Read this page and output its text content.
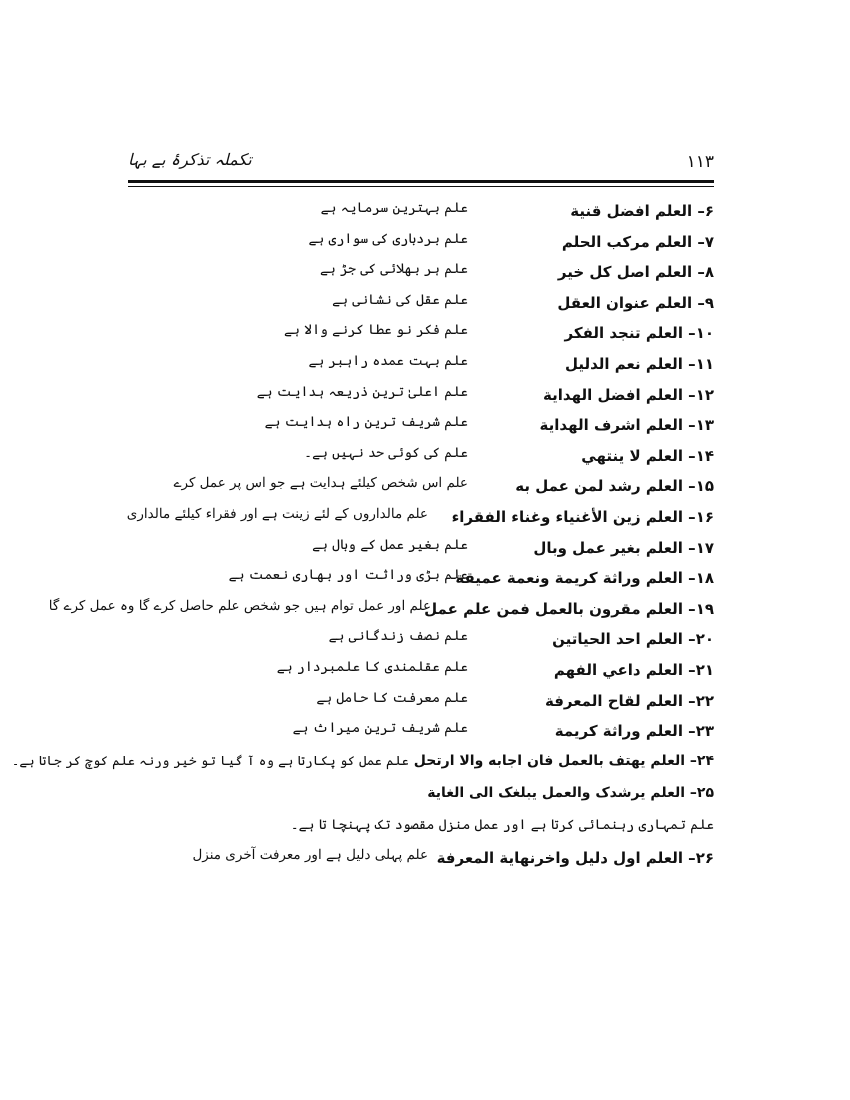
۱۱۳
تکملہ تذکرۂ بے بہا
۶– العلم افضل قنية
علم بہترین سرمایہ ہے
۷– العلم مركب الحلم
علم بردباری کی سواری ہے
۸– العلم اصل كل خير
علم ہر بھلائی کی جڑ ہے
۹– العلم عنوان العقل
علم عقل کی نشانی ہے
۱۰– العلم تنجد الفكر
علم فکر نو عطا کرنے والا ہے
۱۱– العلم نعم الدليل
علم بہت عمدہ راہبر ہے
۱۲– العلم افضل الهداية
علم اعلیٰ ترین ذریعہ ہدایت ہے
۱۳– العلم اشرف الهداية
علم شریف ترین راہ ہدایت ہے
۱۴– العلم لا ينتهي
علم کی کوئی حد نہیں ہے۔
۱۵– العلم رشد لمن عمل به
علم اس شخص کیلئے ہدایت ہے جو اس پر عمل کرے
۱۶– العلم زين الأغنياء وغناء الفقراء
علم مالداروں کے لئے زینت ہے اور فقراء کیلئے مالداری
۱۷– العلم بغير عمل وبال
علم بغیر عمل کے وبال ہے
۱۸– العلم وراثة كريمة ونعمة عميقة
علم بڑی وراثت اور بھاری نعمت ہے
۱۹– العلم مقرون بالعمل فمن علم عمل
علم اور عمل توام ہیں جو شخص علم حاصل کرے گا وہ عمل کرے گا
۲۰– العلم احد الحياتين
علم نصف زندگانی ہے
۲۱– العلم داعي الفهم
علم عقلمندی کا علمبردار ہے
۲۲– العلم لقاح المعرفة
علم معرفت کا حامل ہے
۲۳– العلم وراثة كريمة
علم شریف ترین میراث ہے
۲۴– العلم يهتف بالعمل فان اجابه والا ارتحل علم عمل کو پکارتا ہے وہ آ گیا تو خیر ورنہ علم کوچ کر جاتا ہے۔
۲۵– العلم يرشدک والعمل يبلغک الى الغاية
علم تمہاری رہنمائی کرتا ہے اور عمل منزل مقصود تک پہنچا تا ہے۔
۲۶– العلم اول دليل واخرنهاية المعرفة
علم پہلی دلیل ہے اور معرفت آخری منزل
